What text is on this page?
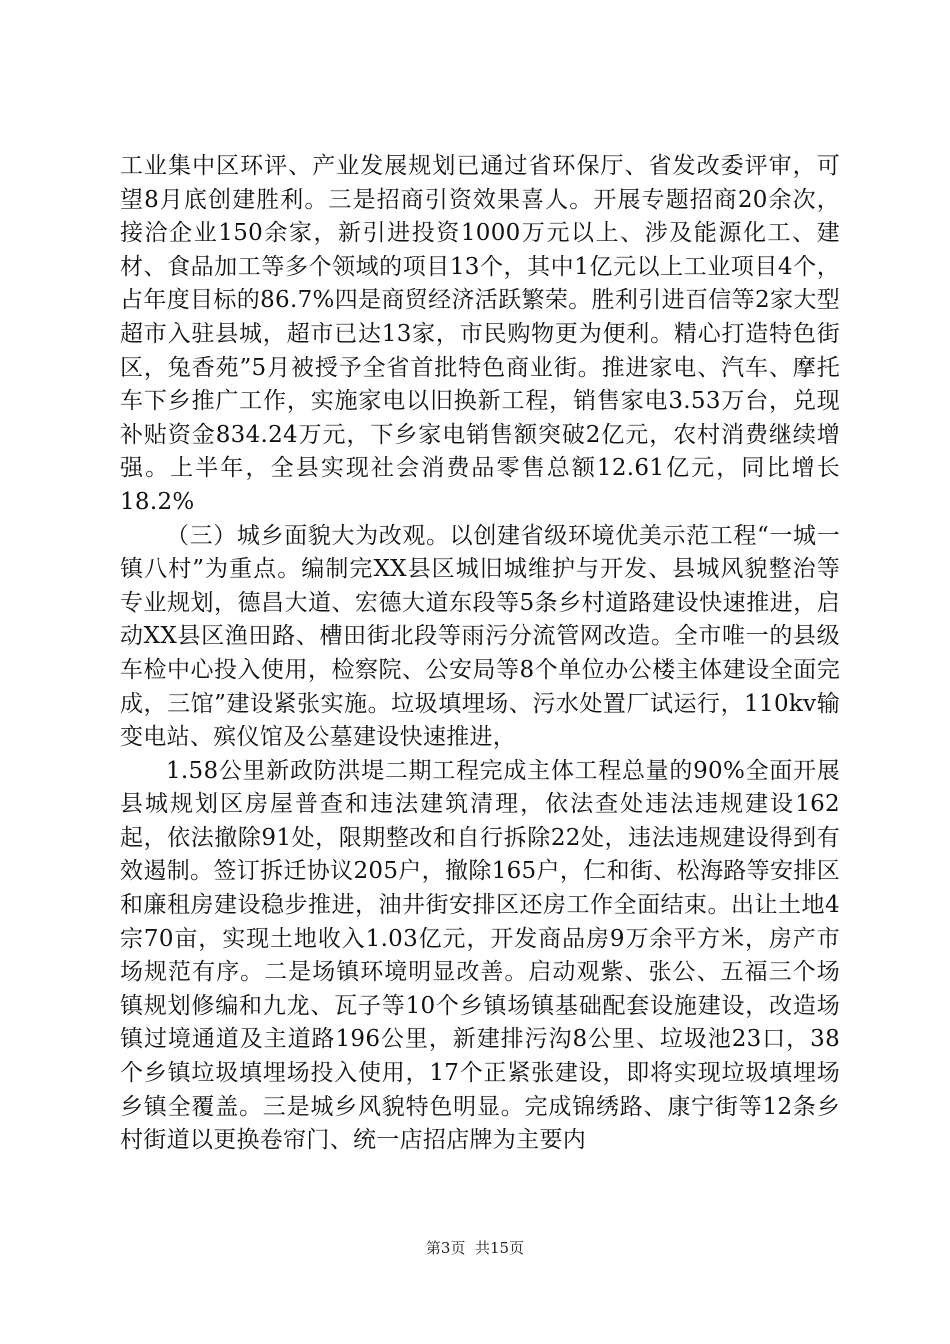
工业集中区环评、产业发展规划已通过省环保厅、省发改委评审，可望8月底创建胜利。三是招商引资效果喜人。开展专题招商20余次，接洽企业150余家，新引进投资1000万元以上、涉及能源化工、建材、食品加工等多个领域的项目13个，其中1亿元以上工业项目4个，占年度目标的86.7%四是商贸经济活跃繁荣。胜利引进百信等2家大型超市入驻县城，超市已达13家，市民购物更为便利。精心打造特色街区，兔香苑”5月被授予全省首批特色商业街。推进家电、汽车、摩托车下乡推广工作，实施家电以旧换新工程，销售家电3.53万台，兑现补贴资金834.24万元，下乡家电销售额突破2亿元，农村消费继续增强。上半年，全县实现社会消费品零售总额12.61亿元，同比增长18.2%

（三）城乡面貌大为改观。以创建省级环境优美示范工程“一城一镇八村”为重点。编制完XX县区城旧城维护与开发、县城风貌整治等专业规划，德昌大道、宏德大道东段等5条乡村道路建设快速推进，启动XX县区渔田路、槽田街北段等雨污分流管网改造。全市唯一的县级车检中心投入使用，检察院、公安局等8个单位办公楼主体建设全面完成，三馆”建设紧张实施。垃圾填埋场、污水处置厂试运行，110kv输变电站、殡仪馆及公墓建设快速推进，

1.58公里新政防洪堤二期工程完成主体工程总量的90%全面开展县城规划区房屋普查和违法建筑清理，依法查处违法违规建设162起，依法撤除91处，限期整改和自行拆除22处，违法违规建设得到有效遏制。签订拆迁协议205户，撤除165户，仁和街、松海路等安排区和廉租房建设稳步推进，油井街安排区还房工作全面结束。出让土地4宗70亩，实现土地收入1.03亿元，开发商品房9万余平方米，房产市场规范有序。二是场镇环境明显改善。启动观紫、张公、五福三个场镇规划修编和九龙、瓦子等10个乡镇场镇基础配套设施建设，改造场镇过境通道及主道路196公里，新建排污沟8公里、垃圾池23口，38个乡镇垃圾填埋场投入使用，17个正紧张建设，即将实现垃圾填埋场乡镇全覆盖。三是城乡风貌特色明显。完成锦绣路、康宁街等12条乡村街道以更换卷帘门、统一店招店牌为主要内

第3页 共15页
